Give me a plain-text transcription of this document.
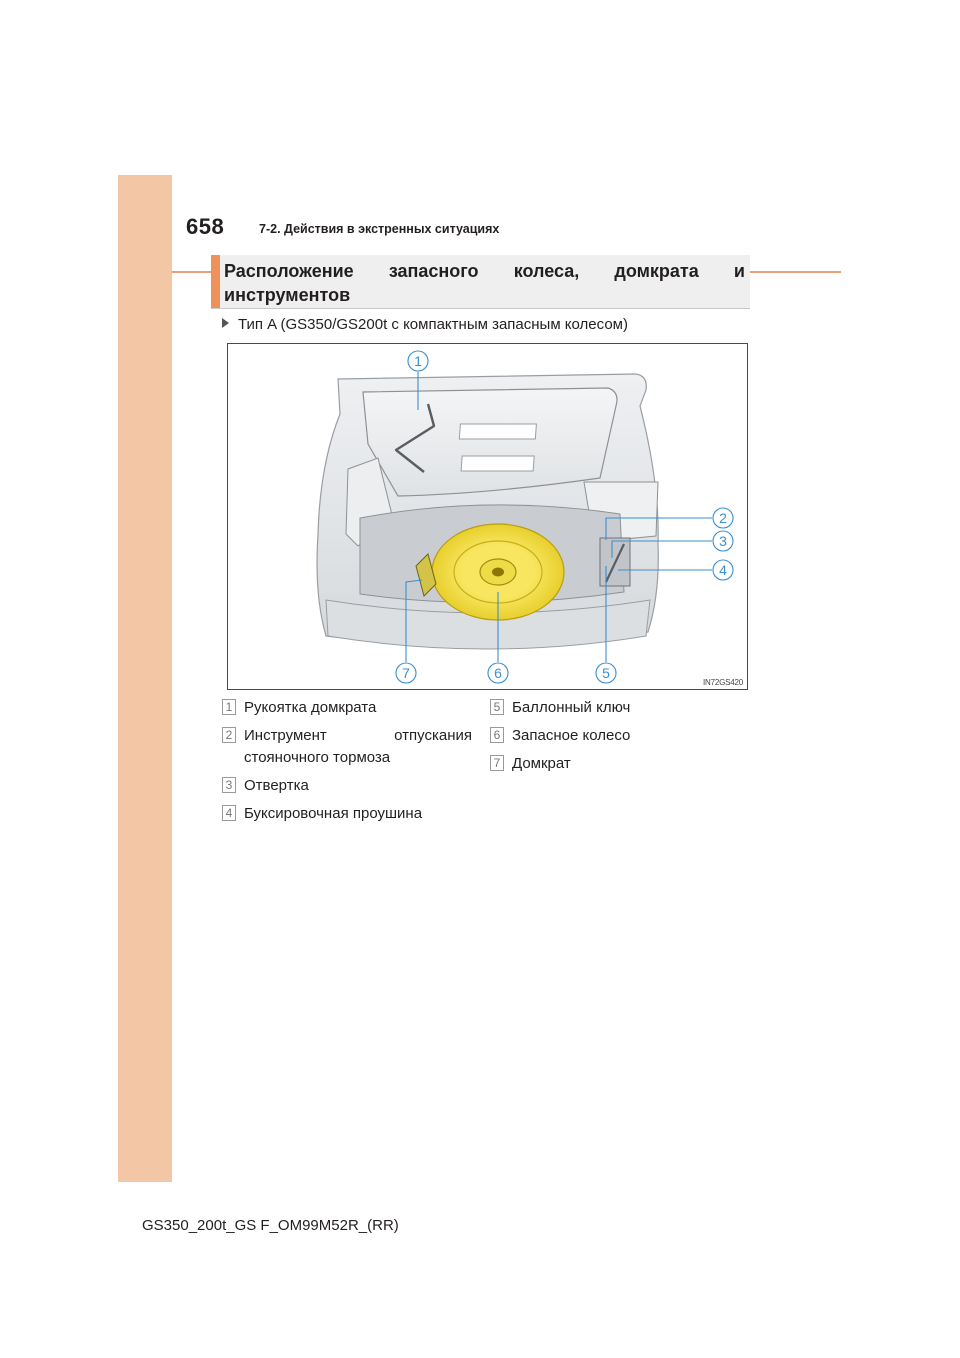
658	7-2. Действия в экстренных ситуациях
Расположение запасного колеса, домкрата и инструментов
Тип A (GS350/GS200t с компактным запасным колесом)
1
2
3
4
5
6
7
IN72GS420
1 Рукоятка домкрата
2 Инструмент отпускания стояночного тормоза
3 Отвертка
4 Буксировочная проушина
5 Баллонный ключ
6 Запасное колесо
7 Домкрат
GS350_200t_GS F_OM99M52R_(RR)
